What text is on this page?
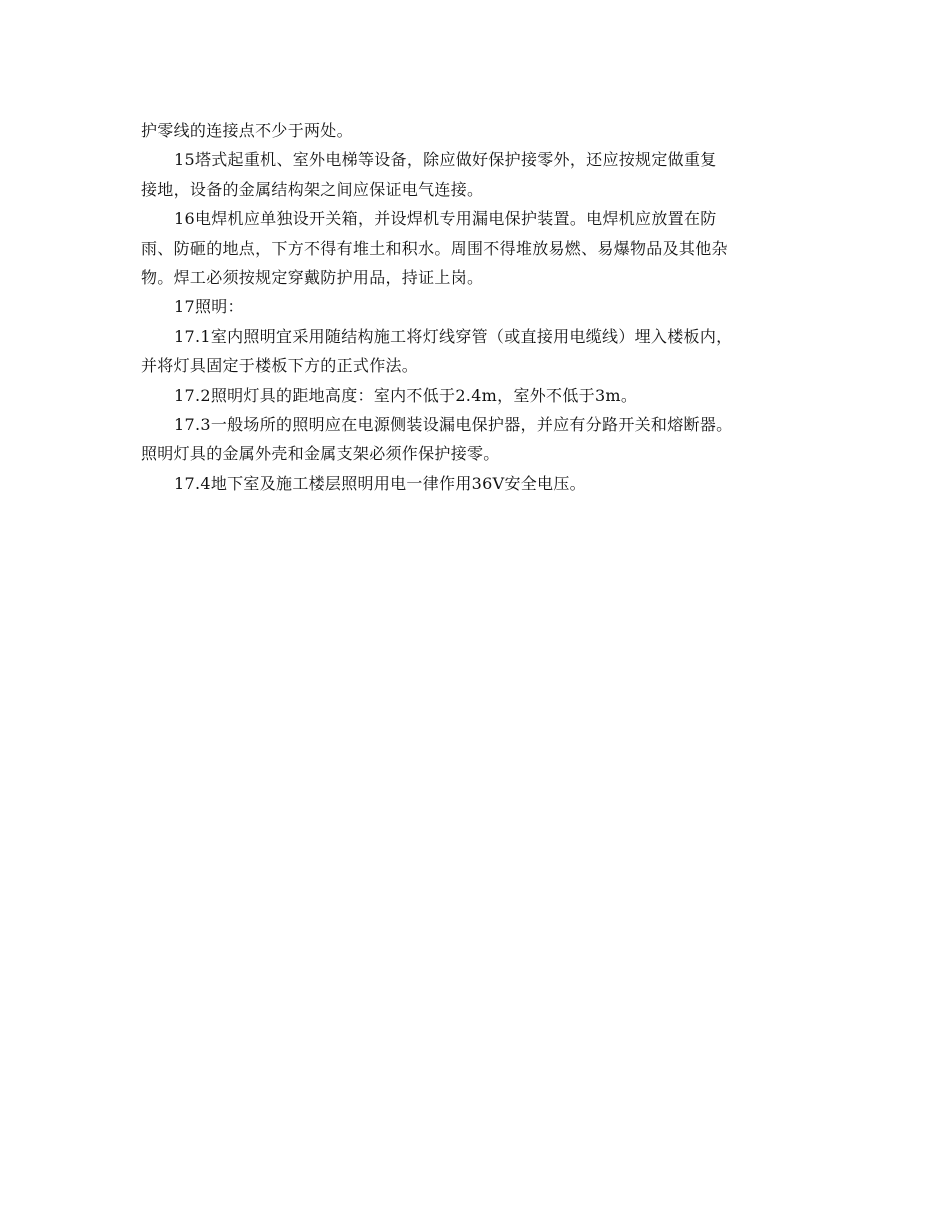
护零线的连接点不少于两处。
15塔式起重机、室外电梯等设备，除应做好保护接零外，还应按规定做重复
接地，设备的金属结构架之间应保证电气连接。
16电焊机应单独设开关箱，并设焊机专用漏电保护装置。电焊机应放置在防
雨、防砸的地点，下方不得有堆土和积水。周围不得堆放易燃、易爆物品及其他杂
物。焊工必须按规定穿戴防护用品，持证上岗。
17照明：
17.1室内照明宜采用随结构施工将灯线穿管（或直接用电缆线）埋入楼板内，
并将灯具固定于楼板下方的正式作法。
17.2照明灯具的距地高度：室内不低于2.4m，室外不低于3m。
17.3一般场所的照明应在电源侧装设漏电保护器，并应有分路开关和熔断器。
照明灯具的金属外壳和金属支架必须作保护接零。
17.4地下室及施工楼层照明用电一律作用36V安全电压。
